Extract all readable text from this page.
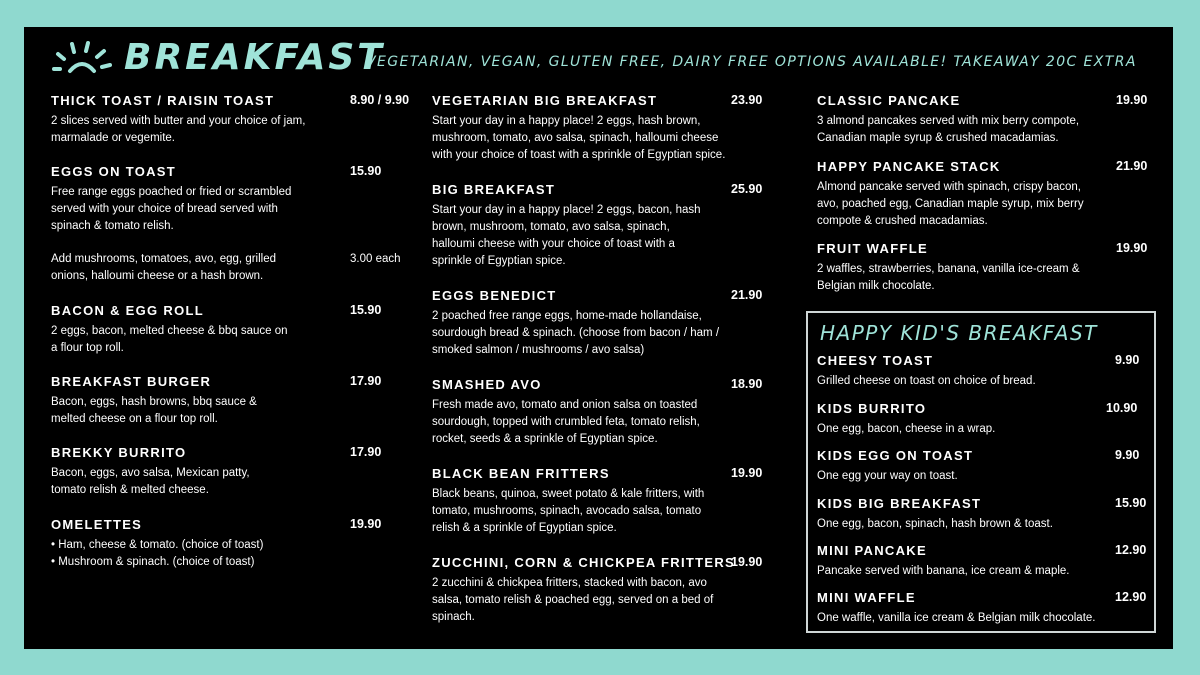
BREAKFAST
VEGETARIAN, VEGAN, GLUTEN FREE, DAIRY FREE OPTIONS AVAILABLE! TAKEAWAY 20C EXTRA
THICK TOAST / RAISIN TOAST	8.90 / 9.90
2 slices served with butter and your choice of jam, marmalade or vegemite.
EGGS ON TOAST	15.90
Free range eggs poached or fried or scrambled served with your choice of bread served with spinach & tomato relish.
Add mushrooms, tomatoes, avo, egg, grilled onions, halloumi cheese or a hash brown.
3.00 each
BACON & EGG ROLL	15.90
2 eggs, bacon, melted cheese & bbq sauce on a flour top roll.
BREAKFAST BURGER	17.90
Bacon, eggs, hash browns, bbq sauce & melted cheese on a flour top roll.
BREKKY BURRITO	17.90
Bacon, eggs, avo salsa, Mexican patty, tomato relish & melted cheese.
OMELETTES	19.90
• Ham, cheese & tomato. (choice of toast)
• Mushroom & spinach. (choice of toast)
VEGETARIAN BIG BREAKFAST	23.90
Start your day in a happy place! 2 eggs, hash brown, mushroom, tomato, avo salsa, spinach, halloumi cheese with your choice of toast with a sprinkle of Egyptian spice.
BIG BREAKFAST	25.90
Start your day in a happy place! 2 eggs, bacon, hash brown, mushroom, tomato, avo salsa, spinach, halloumi cheese with your choice of toast with a sprinkle of Egyptian spice.
EGGS BENEDICT	21.90
2 poached free range eggs, home-made hollandaise, sourdough bread & spinach. (choose from bacon / ham / smoked salmon / mushrooms / avo salsa)
SMASHED AVO	18.90
Fresh made avo, tomato and onion salsa on toasted sourdough, topped with crumbled feta, tomato relish, rocket, seeds & a sprinkle of Egyptian spice.
BLACK BEAN FRITTERS	19.90
Black beans, quinoa, sweet potato & kale fritters, with tomato, mushrooms, spinach, avocado salsa, tomato relish & a sprinkle of Egyptian spice.
ZUCCHINI, CORN & CHICKPEA FRITTERS
19.90
2 zucchini & chickpea fritters, stacked with bacon, avo salsa, tomato relish & poached egg, served on a bed of spinach.
CLASSIC PANCAKE	19.90
3 almond pancakes served with mix berry compote, Canadian maple syrup & crushed macadamias.
HAPPY PANCAKE STACK	21.90
Almond pancake served with spinach, crispy bacon, avo, poached egg, Canadian maple syrup, mix berry compote & crushed macadamias.
FRUIT WAFFLE	19.90
2 waffles, strawberries, banana, vanilla ice-cream & Belgian milk chocolate.
HAPPY KID'S BREAKFAST
CHEESY TOAST	9.90
Grilled cheese on toast on choice of bread.
KIDS BURRITO	10.90
One egg, bacon, cheese in a wrap.
KIDS EGG ON TOAST	9.90
One egg your way on toast.
KIDS BIG BREAKFAST	15.90
One egg, bacon, spinach, hash brown & toast.
MINI PANCAKE	12.90
Pancake served with banana, ice cream & maple.
MINI WAFFLE	12.90
One waffle, vanilla ice cream & Belgian milk chocolate.
